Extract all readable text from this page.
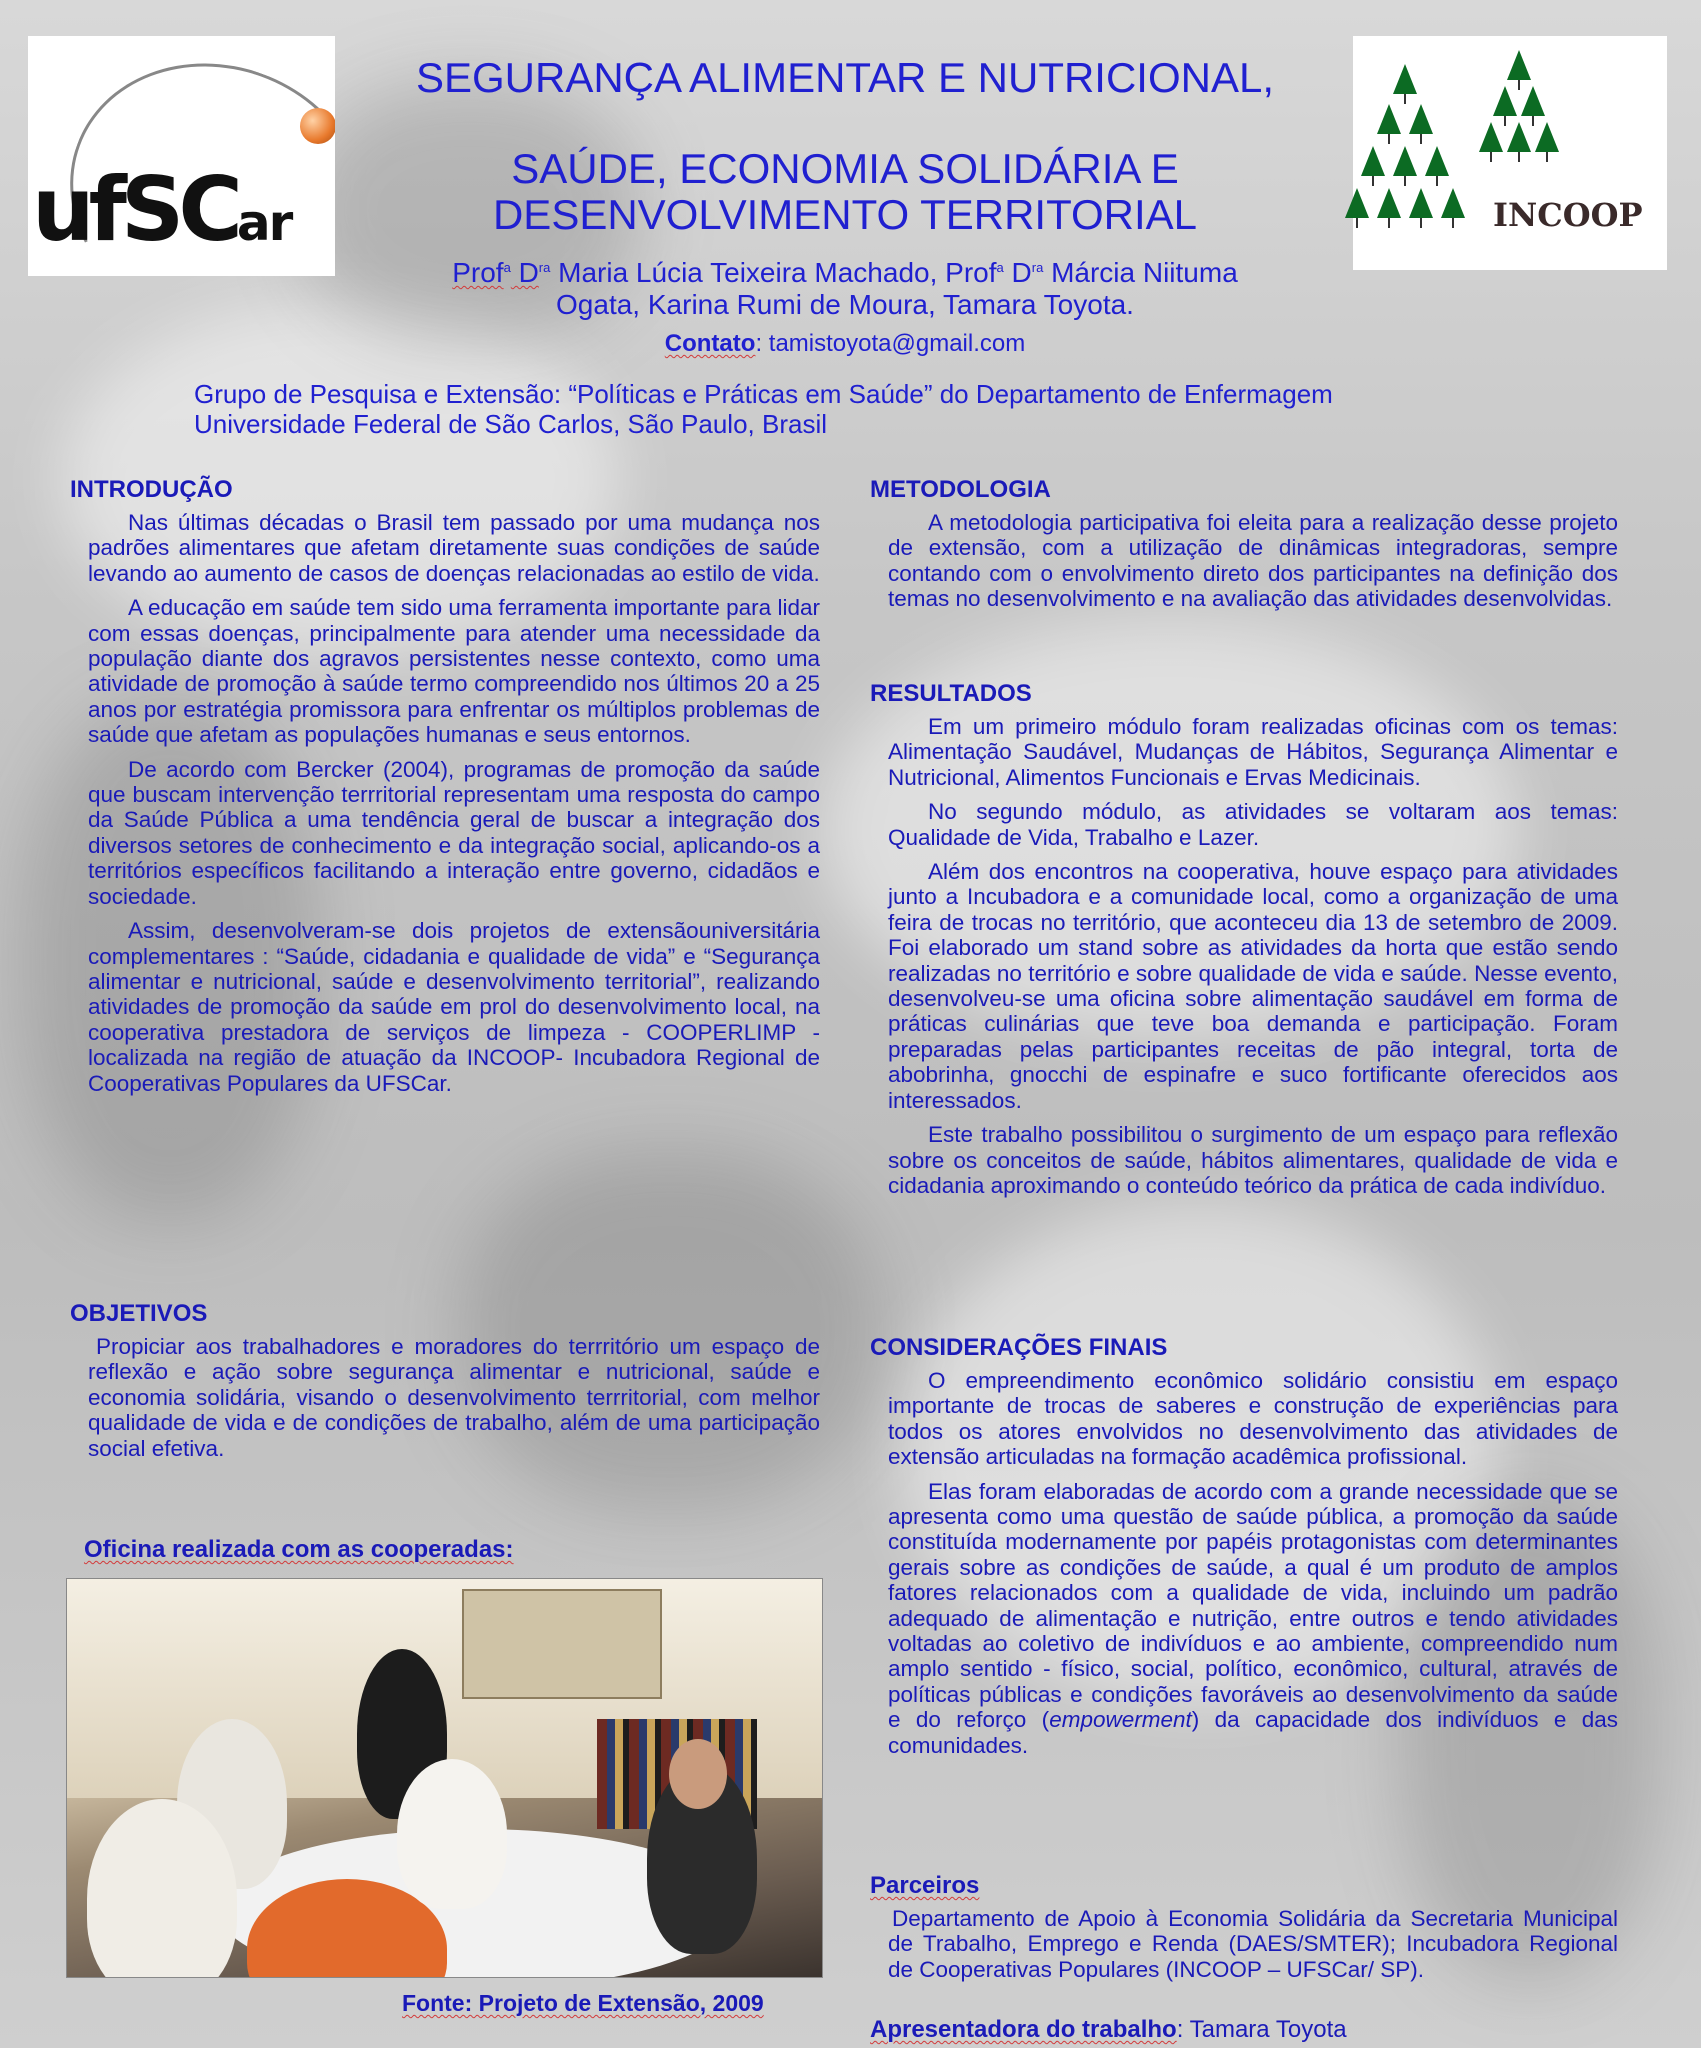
ufSCar	INCOOP
SEGURANÇA ALIMENTAR E NUTRICIONAL,
SAÚDE, ECONOMIA SOLIDÁRIA E
DESENVOLVIMENTO TERRITORIAL
Prof$^a$ $D^{ra}$ Maria Lúcia Teixeira Machado, Prof$^a$ $D^{ra}$ Márcia Niituma
Ogata, Karina Rumi de Moura, Tamara Toyota.
Contato: tamistoyota@gmail.com
Grupo de Pesquisa e Extensão: “Políticas e Práticas em Saúde” do Departamento de Enfermagem
Universidade Federal de São Carlos, São Paulo, Brasil
INTRODUÇÃO

Nas últimas décadas o Brasil tem passado por uma mudança nos padrões alimentares que afetam diretamente suas condições de saúde levando ao aumento de casos de doenças relacionadas ao estilo de vida.

A educação em saúde tem sido uma ferramenta importante para lidar com essas doenças, principalmente para atender uma necessidade da população diante dos agravos persistentes nesse contexto, como uma atividade de promoção à saúde termo compreendido nos últimos 20 a 25 anos por estratégia promissora para enfrentar os múltiplos problemas de saúde que afetam as populações humanas e seus entornos.

De acordo com Bercker (2004), programas de promoção da saúde que buscam intervenção terrritorial representam uma resposta do campo da Saúde Pública a uma tendência geral de buscar a integração dos diversos setores de conhecimento e da integração social, aplicando-os a territórios específicos facilitando a interação entre governo, cidadãos e sociedade.

Assim, desenvolveram-se dois projetos de extensãouniversitária complementares : “Saúde, cidadania e qualidade de vida” e “Segurança alimentar e nutricional, saúde e desenvolvimento territorial”, realizando atividades de promoção da saúde em prol do desenvolvimento local, na cooperativa prestadora de serviços de limpeza - COOPERLIMP - localizada na região de atuação da INCOOP- Incubadora Regional de Cooperativas Populares da UFSCar.

OBJETIVOS

Propiciar aos trabalhadores e moradores do terrritório um espaço de reflexão e ação sobre segurança alimentar e nutricional, saúde e economia solidária, visando o desenvolvimento terrritorial, com melhor qualidade de vida e de condições de trabalho, além de uma participação social efetiva.

Oficina realizada com as cooperadas:
Fonte: Projeto de Extensão, 2009
METODOLOGIA

A metodologia participativa foi eleita para a realização desse projeto de extensão, com a utilização de dinâmicas integradoras, sempre contando com o envolvimento direto dos participantes na definição dos temas no desenvolvimento e na avaliação das atividades desenvolvidas.

RESULTADOS

Em um primeiro módulo foram realizadas oficinas com os temas: Alimentação Saudável, Mudanças de Hábitos, Segurança Alimentar e Nutricional, Alimentos Funcionais e Ervas Medicinais.

No segundo módulo, as atividades se voltaram aos temas: Qualidade de Vida, Trabalho e Lazer.

Além dos encontros na cooperativa, houve espaço para atividades junto a Incubadora e a comunidade local, como a organização de uma feira de trocas no território, que aconteceu dia 13 de setembro de 2009. Foi elaborado um stand sobre as atividades da horta que estão sendo realizadas no território e sobre qualidade de vida e saúde. Nesse evento, desenvolveu-se uma oficina sobre alimentação saudável em forma de práticas culinárias que teve boa demanda e participação. Foram preparadas pelas participantes receitas de pão integral, torta de abobrinha, gnocchi de espinafre e suco fortificante oferecidos aos interessados.

Este trabalho possibilitou o surgimento de um espaço para reflexão sobre os conceitos de saúde, hábitos alimentares, qualidade de vida e cidadania aproximando o conteúdo teórico da prática de cada indivíduo.

CONSIDERAÇÕES FINAIS

O empreendimento econômico solidário consistiu em espaço importante de trocas de saberes e construção de experiências para todos os atores envolvidos no desenvolvimento das atividades de extensão articuladas na formação acadêmica profissional.

Elas foram elaboradas de acordo com a grande necessidade que se apresenta como uma questão de saúde pública, a promoção da saúde constituída modernamente por papéis protagonistas com determinantes gerais sobre as condições de saúde, a qual é um produto de amplos fatores relacionados com a qualidade de vida, incluindo um padrão adequado de alimentação e nutrição, entre outros e tendo atividades voltadas ao coletivo de indivíduos e ao ambiente, compreendido num amplo sentido - físico, social, político, econômico, cultural, através de políticas públicas e condições favoráveis ao desenvolvimento da saúde e do reforço (empowerment) da capacidade dos indivíduos e das comunidades.

Parceiros

Departamento de Apoio à Economia Solidária da Secretaria Municipal de Trabalho, Emprego e Renda (DAES/SMTER); Incubadora Regional de Cooperativas Populares (INCOOP – UFSCar/ SP).

Apresentadora do trabalho: Tamara Toyota
